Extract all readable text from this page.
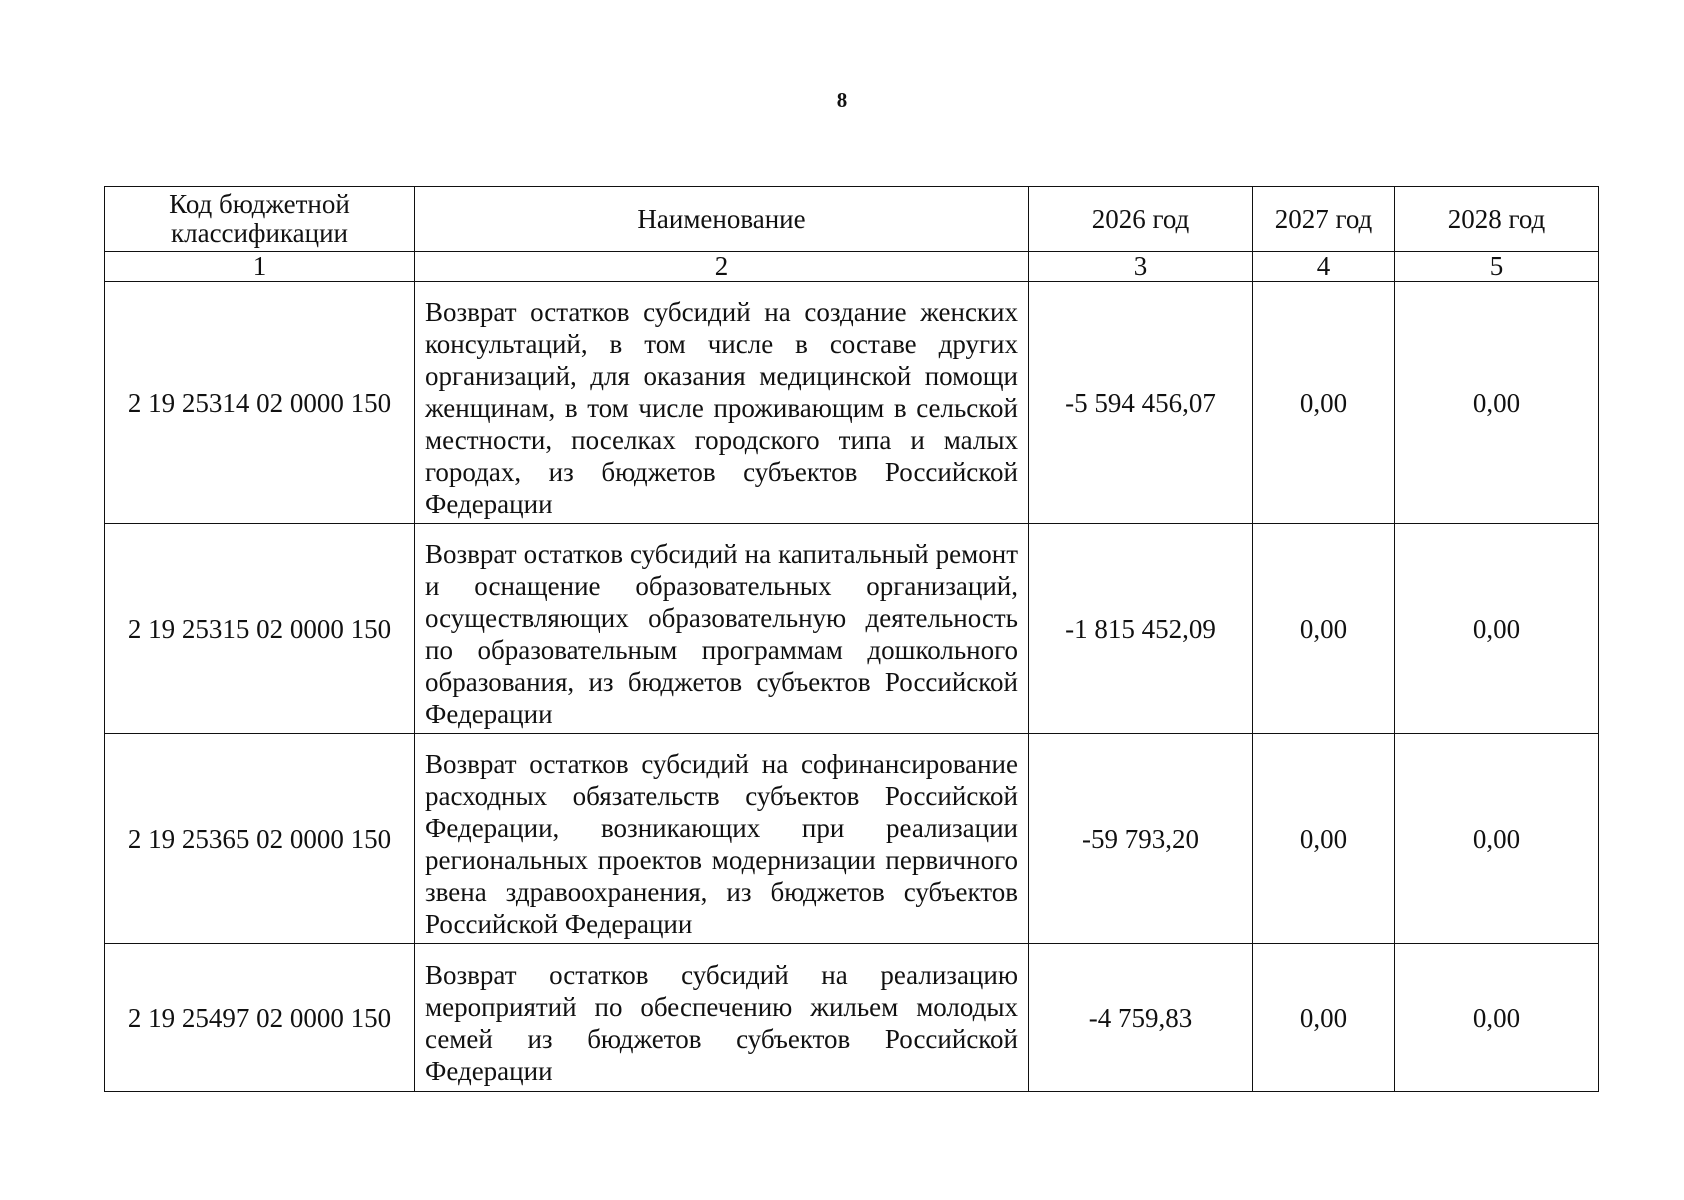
8
Код бюджетной классификации	Наименование	2026 год	2027 год	2028 год
1	2	3	4	5
2 19 25314 02 0000 150	Возврат остатков субсидий на создание женских консультаций, в том числе в составе других организаций, для оказания медицинской помощи женщинам, в том числе проживающим в сельской местности, поселках городского типа и малых городах, из бюджетов субъектов Российской Федерации	-5 594 456,07	0,00	0,00
2 19 25315 02 0000 150	Возврат остатков субсидий на капитальный ремонт и оснащение образовательных организаций, осуществляющих образовательную деятельность по образовательным программам дошкольного образования, из бюджетов субъектов Российской Федерации	-1 815 452,09	0,00	0,00
2 19 25365 02 0000 150	Возврат остатков субсидий на софинансирование расходных обязательств субъектов Российской Федерации, возникающих при реализации региональных проектов модернизации первичного звена здравоохранения, из бюджетов субъектов Российской Федерации	-59 793,20	0,00	0,00
2 19 25497 02 0000 150	Возврат остатков субсидий на реализацию мероприятий по обеспечению жильем молодых семей из бюджетов субъектов Российской Федерации	-4 759,83	0,00	0,00
